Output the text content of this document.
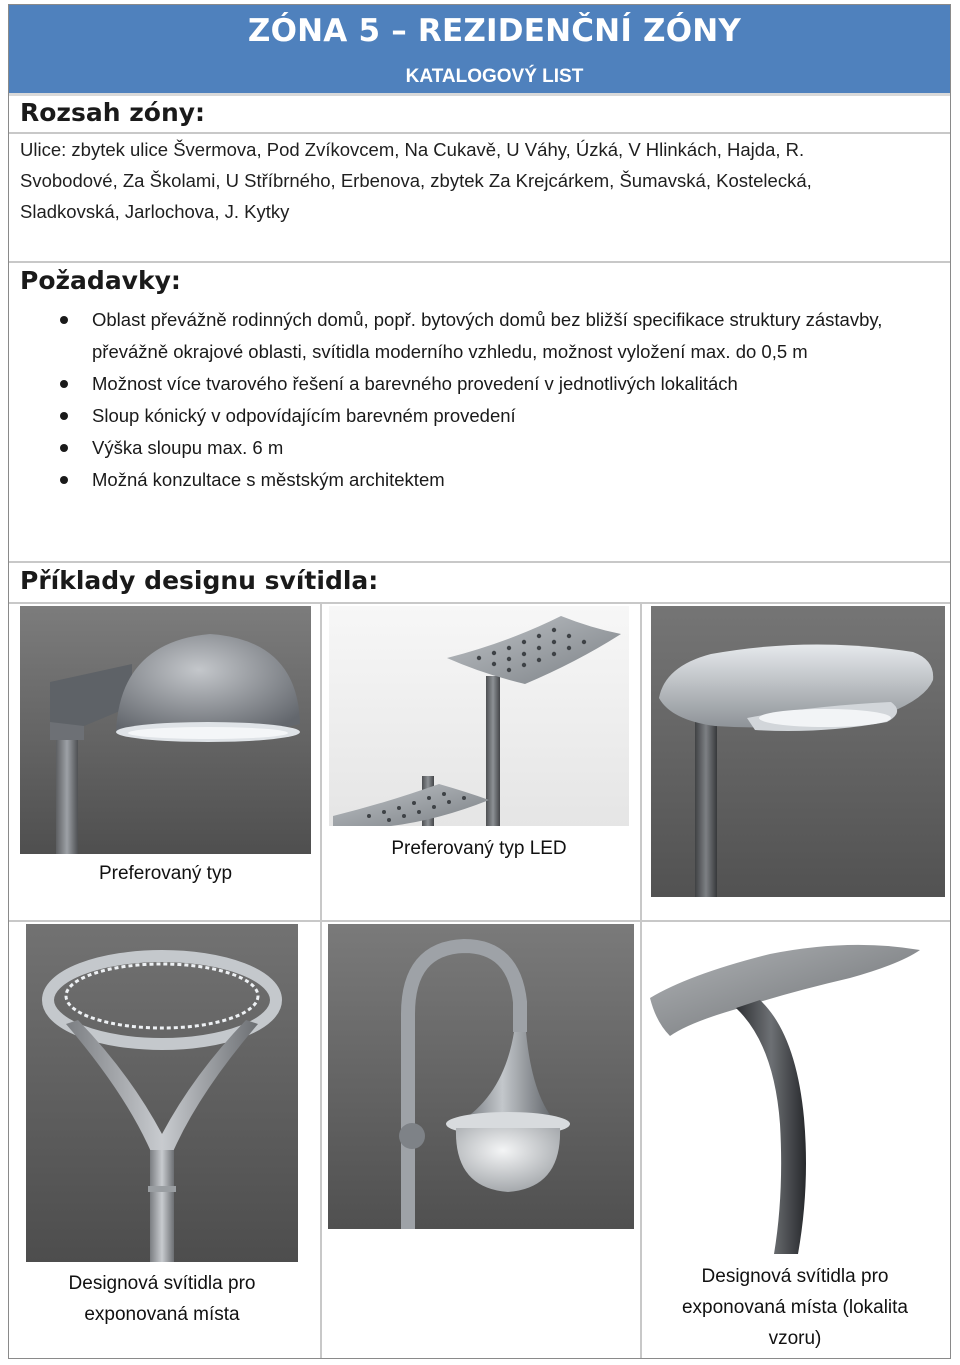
ZÓNA 5 – REZIDENČNÍ ZÓNY
KATALOGOVÝ LIST
Rozsah zóny:
Ulice: zbytek ulice Švermova, Pod Zvíkovcem, Na Cukavě, U Váhy, Úzká, V Hlinkách, Hajda, R.
Svobodové, Za Školami, U Stříbrného, Erbenova, zbytek Za Krejcárkem, Šumavská, Kostelecká,
Sladkovská, Jarlochova, J. Kytky
Požadavky:
Oblast převážně rodinných domů, popř. bytových domů bez bližší specifikace struktury zástavby, převážně okrajové oblasti, svítidla moderního vzhledu, možnost vyložení max. do 0,5 m
Možnost více tvarového řešení a barevného provedení v jednotlivých lokalitách
Sloup kónický v odpovídajícím barevném provedení
Výška sloupu max. 6 m
Možná konzultace s městským architektem
Příklady designu svítidla:
Preferovaný typ
Preferovaný typ LED
Designová svítidla pro
exponovaná místa
Designová svítidla pro
exponovaná místa (lokalita
vzoru)
